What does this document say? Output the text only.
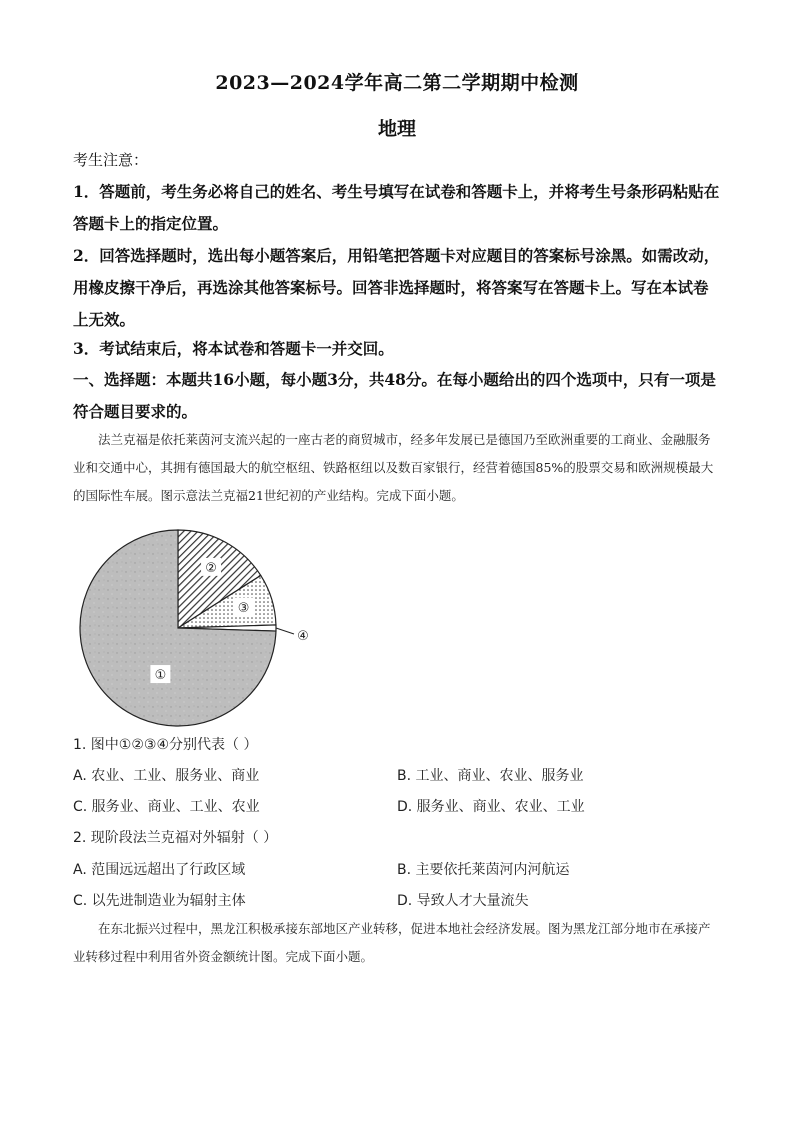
2023—2024学年高二第二学期期中检测
地理
考生注意：
1．答题前，考生务必将自己的姓名、考生号填写在试卷和答题卡上，并将考生号条形码粘贴在答题卡上的指定位置。
2．回答选择题时，选出每小题答案后，用铅笔把答题卡对应题目的答案标号涂黑。如需改动，用橡皮擦干净后，再选涂其他答案标号。回答非选择题时，将答案写在答题卡上。写在本试卷上无效。
3．考试结束后，将本试卷和答题卡一并交回。
一、选择题：本题共16小题，每小题3分，共48分。在每小题给出的四个选项中，只有一项是符合题目要求的。
法兰克福是依托莱茵河支流兴起的一座古老的商贸城市，经多年发展已是德国乃至欧洲重要的工商业、金融服务业和交通中心，其拥有德国最大的航空枢纽、铁路枢纽以及数百家银行，经营着德国85%的股票交易和欧洲规模最大的国际性车展。图示意法兰克福21世纪初的产业结构。完成下面小题。
①
②
③
④
1. 图中①②③④分别代表（ ）
A. 农业、工业、服务业、商业	B. 工业、商业、农业、服务业
C. 服务业、商业、工业、农业	D. 服务业、商业、农业、工业
2. 现阶段法兰克福对外辐射（ ）
A. 范围远远超出了行政区域	B. 主要依托莱茵河内河航运
C. 以先进制造业为辐射主体	D. 导致人才大量流失
在东北振兴过程中，黑龙江积极承接东部地区产业转移，促进本地社会经济发展。图为黑龙江部分地市在承接产业转移过程中利用省外资金额统计图。完成下面小题。
